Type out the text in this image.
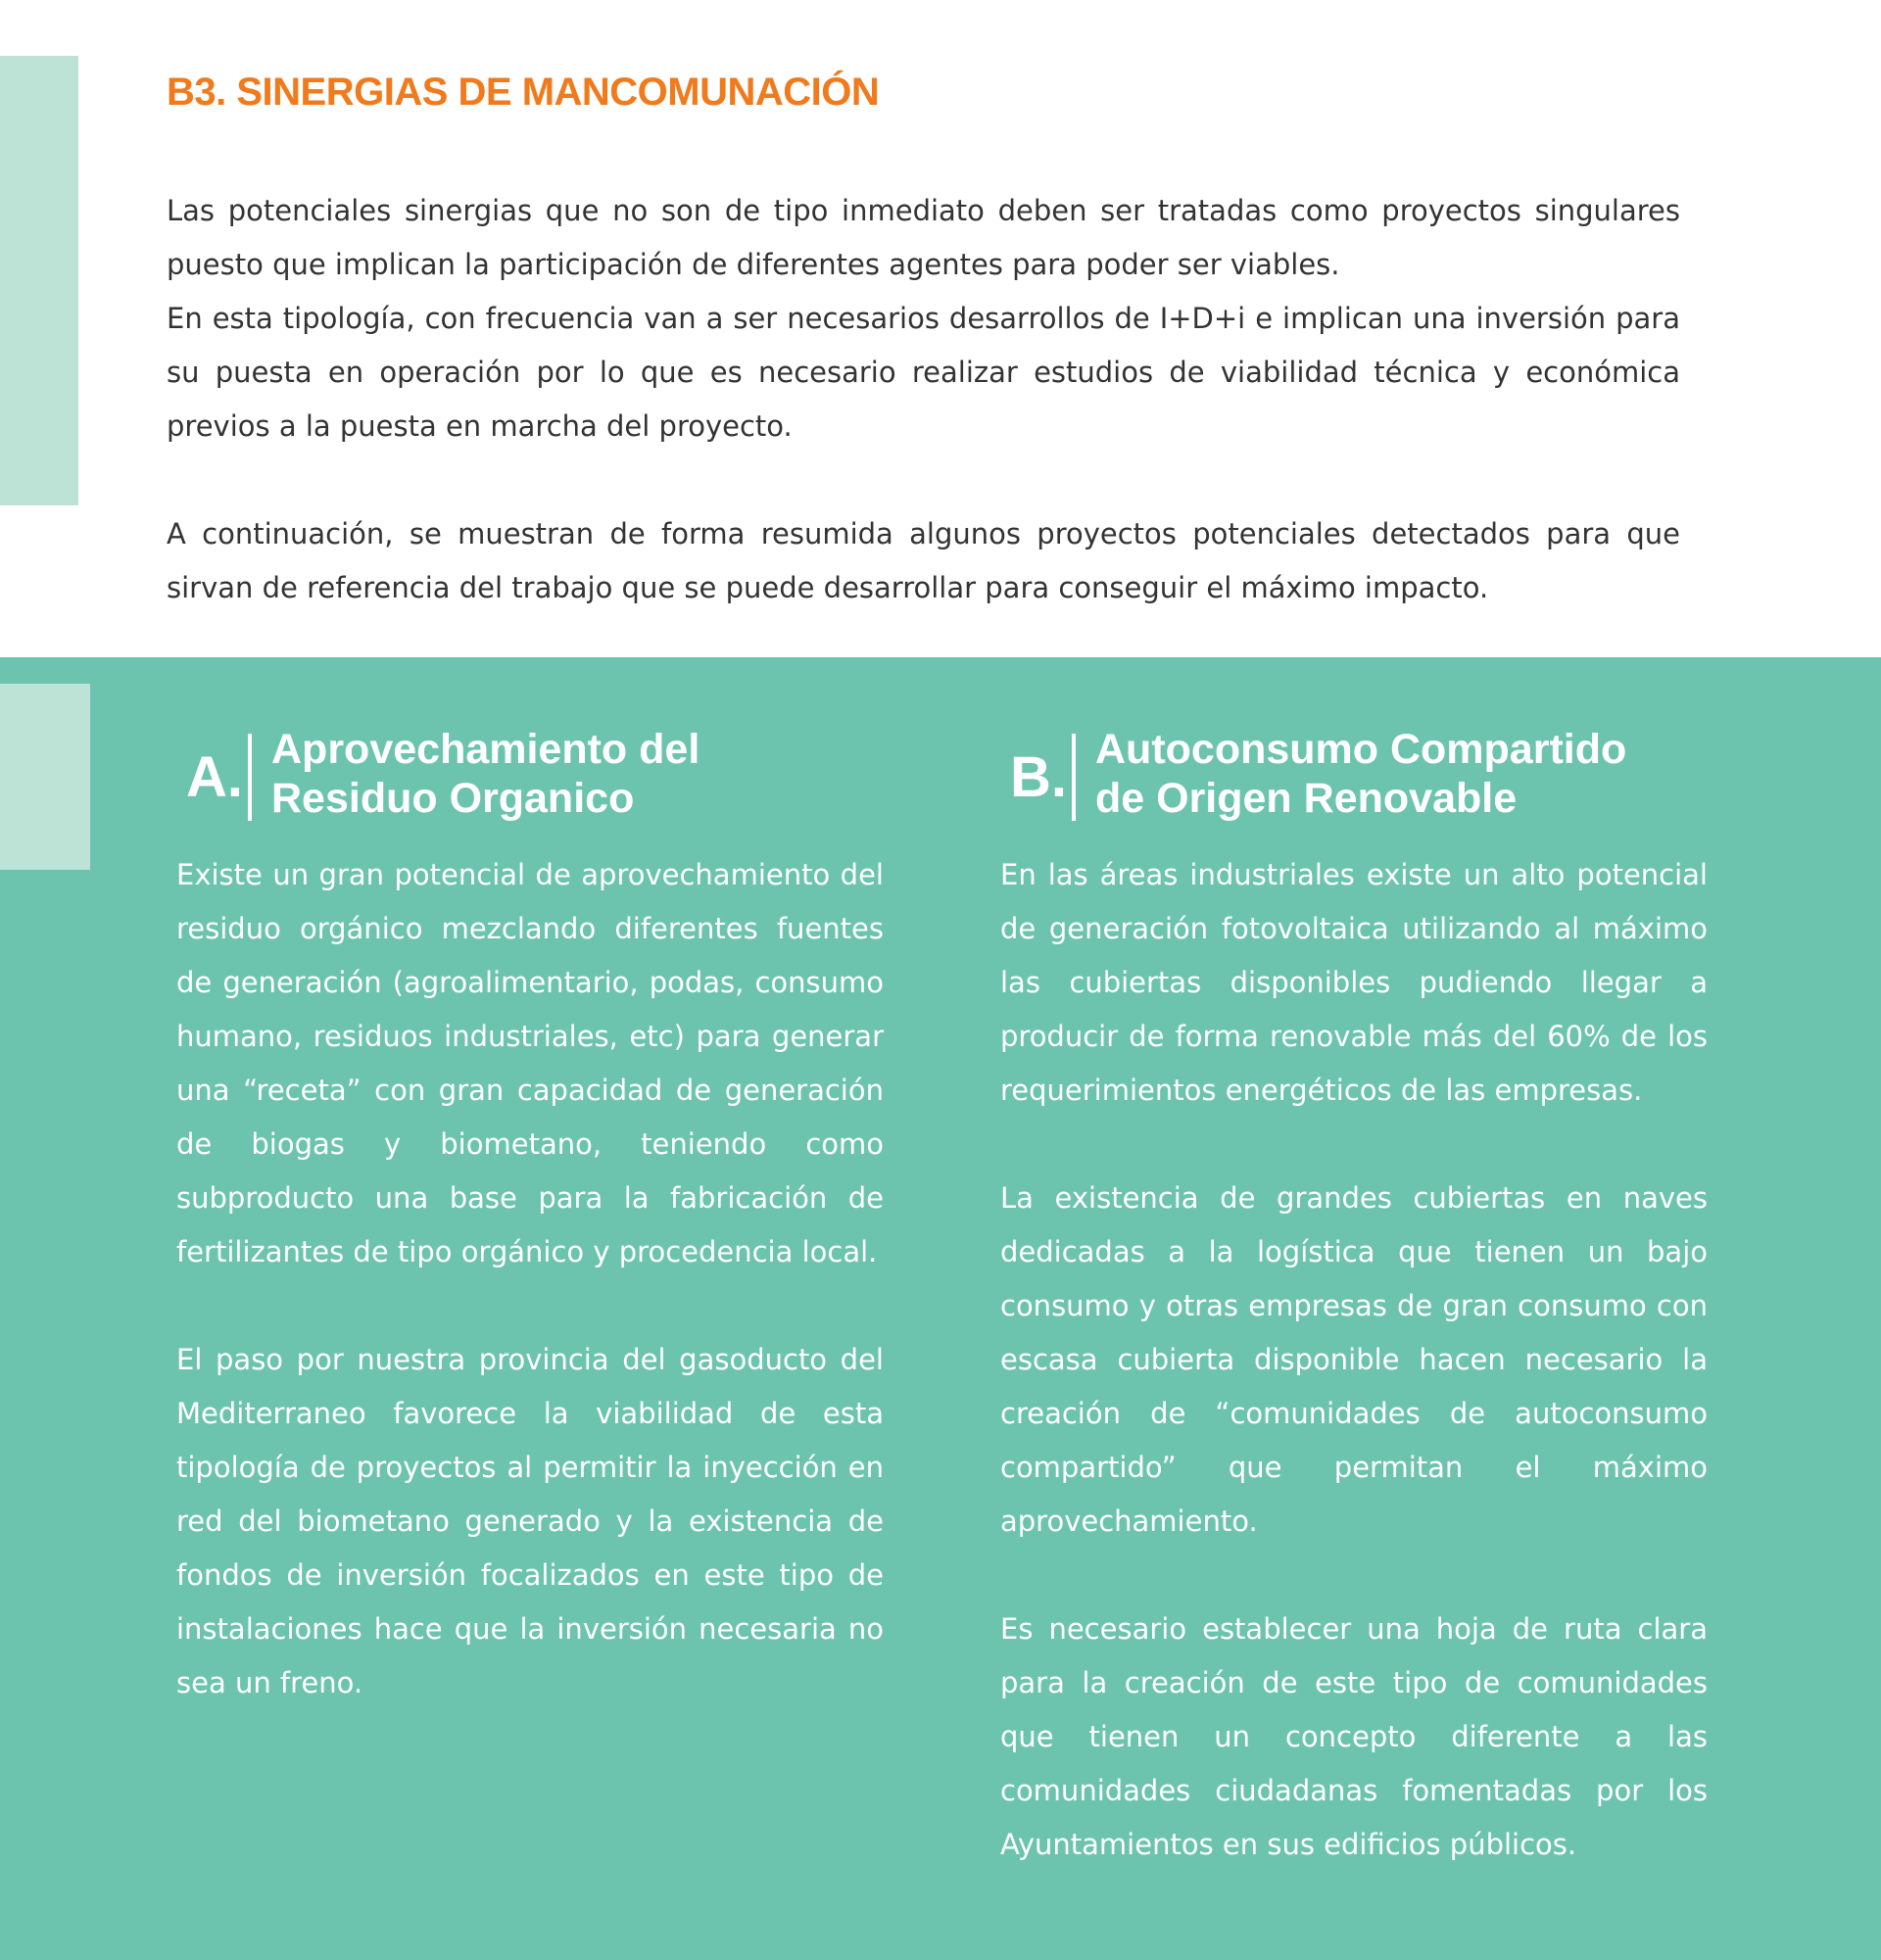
B3. SINERGIAS DE MANCOMUNACIÓN

Las potenciales sinergias que no son de tipo inmediato deben ser tratadas como proyectos singulares puesto que implican la participación de diferentes agentes para poder ser viables.

En esta tipología, con frecuencia van a ser necesarios desarrollos de I+D+i e implican una inversión para su puesta en operación por lo que es necesario realizar estudios de viabilidad técnica y económica previos a la puesta en marcha del proyecto.

A continuación, se muestran de forma resumida algunos proyectos potenciales detectados para que sirvan de referencia del trabajo que se puede desarrollar para conseguir el máximo impacto.

A. Aprovechamiento del
Residuo Organico

Existe un gran potencial de aprovechamiento del residuo orgánico mezclando diferentes fuentes de generación (agroalimentario, podas, consumo humano, residuos industriales, etc) para generar una “receta” con gran capacidad de generación de biogas y biometano, teniendo como subproducto una base para la fabricación de fertilizantes de tipo orgánico y procedencia local.

El paso por nuestra provincia del gasoducto del Mediterraneo favorece la viabilidad de esta tipología de proyectos al permitir la inyección en red del biometano generado y la existencia de fondos de inversión focalizados en este tipo de instalaciones hace que la inversión necesaria no sea un freno.

B. Autoconsumo Compartido
de Origen Renovable

En las áreas industriales existe un alto potencial de generación fotovoltaica utilizando al máximo las cubiertas disponibles pudiendo llegar a producir de forma renovable más del 60% de los requerimientos energéticos de las empresas.

La existencia de grandes cubiertas en naves dedicadas a la logística que tienen un bajo consumo y otras empresas de gran consumo con escasa cubierta disponible hacen necesario la creación de “comunidades de autoconsumo compartido” que permitan el máximo aprovechamiento.

Es necesario establecer una hoja de ruta clara para la creación de este tipo de comunidades que tienen un concepto diferente a las comunidades ciudadanas fomentadas por los Ayuntamientos en sus edificios públicos.
